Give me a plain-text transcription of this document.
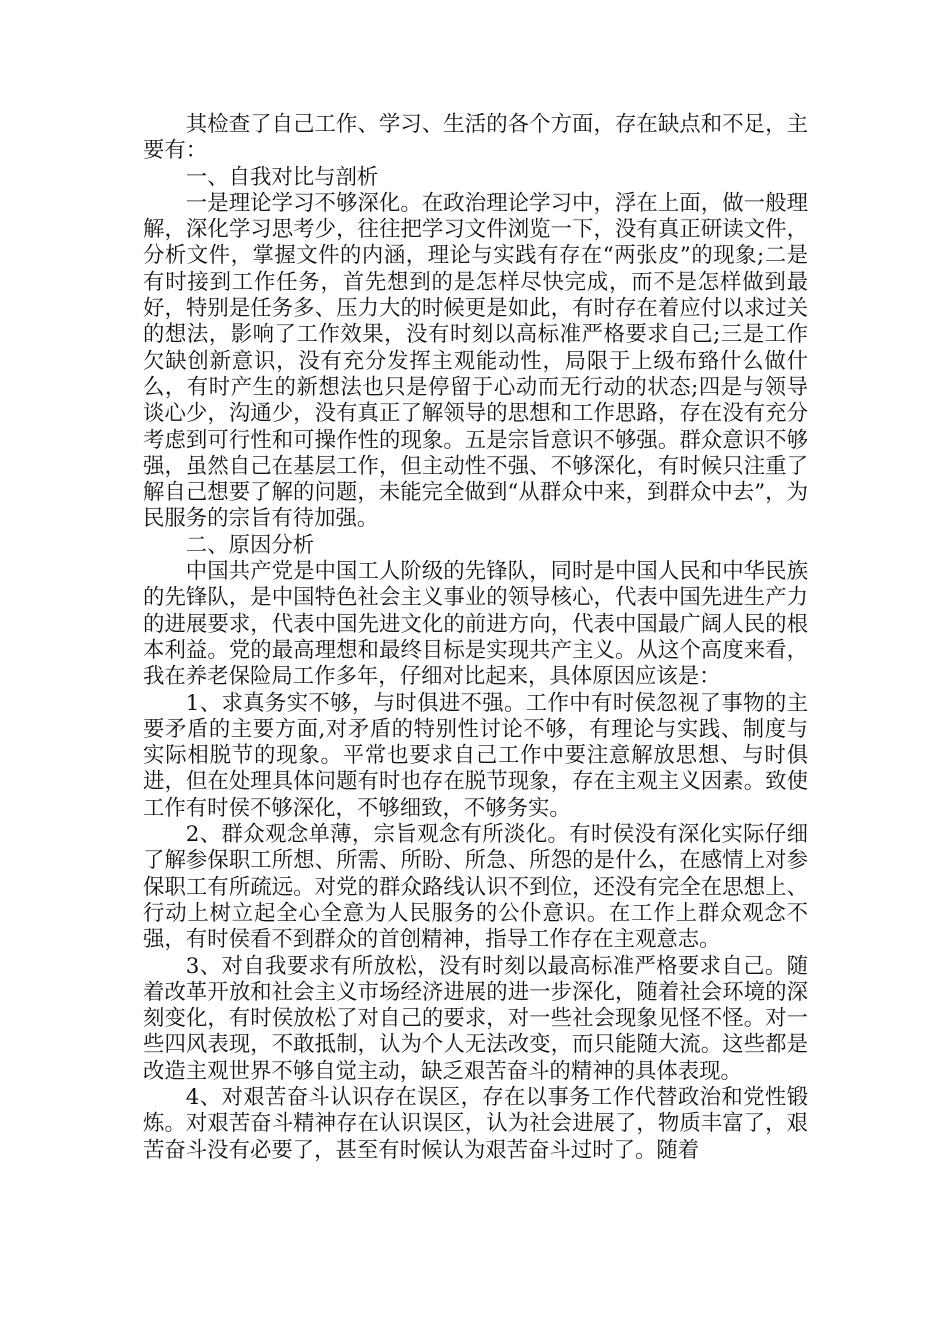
其检查了自己工作、学习、生活的各个方面，存在缺点和不足，主要有：

一、自我对比与剖析

一是理论学习不够深化。在政治理论学习中，浮在上面，做一般理解，深化学习思考少，往往把学习文件浏览一下，没有真正研读文件，分析文件，掌握文件的内涵，理论与实践有存在“两张皮”的现象;二是有时接到工作任务，首先想到的是怎样尽快完成，而不是怎样做到最好，特别是任务多、压力大的时候更是如此，有时存在着应付以求过关的想法，影响了工作效果，没有时刻以高标准严格要求自己;三是工作欠缺创新意识，没有充分发挥主观能动性，局限于上级布臵什么做什么，有时产生的新想法也只是停留于心动而无行动的状态;四是与领导谈心少，沟通少，没有真正了解领导的思想和工作思路，存在没有充分考虑到可行性和可操作性的现象。五是宗旨意识不够强。群众意识不够强，虽然自己在基层工作，但主动性不强、不够深化，有时候只注重了解自己想要了解的问题，未能完全做到“从群众中来，到群众中去”，为民服务的宗旨有待加强。

二、原因分析

中国共产党是中国工人阶级的先锋队，同时是中国人民和中华民族的先锋队，是中国特色社会主义事业的领导核心，代表中国先进生产力的进展要求，代表中国先进文化的前进方向，代表中国最广阔人民的根本利益。党的最高理想和最终目标是实现共产主义。从这个高度来看，我在养老保险局工作多年，仔细对比起来，具体原因应该是：

1、求真务实不够，与时俱进不强。工作中有时侯忽视了事物的主要矛盾的主要方面,对矛盾的特别性讨论不够，有理论与实践、制度与实际相脱节的现象。平常也要求自己工作中要注意解放思想、与时俱进，但在处理具体问题有时也存在脱节现象，存在主观主义因素。致使工作有时侯不够深化，不够细致，不够务实。

2、群众观念单薄，宗旨观念有所淡化。有时侯没有深化实际仔细了解参保职工所想、所需、所盼、所急、所怨的是什么，在感情上对参保职工有所疏远。对党的群众路线认识不到位，还没有完全在思想上、行动上树立起全心全意为人民服务的公仆意识。在工作上群众观念不强，有时侯看不到群众的首创精神，指导工作存在主观意志。

3、对自我要求有所放松，没有时刻以最高标准严格要求自己。随着改革开放和社会主义市场经济进展的进一步深化，随着社会环境的深刻变化，有时侯放松了对自己的要求，对一些社会现象见怪不怪。对一些四风表现，不敢抵制，认为个人无法改变，而只能随大流。这些都是改造主观世界不够自觉主动，缺乏艰苦奋斗的精神的具体表现。

4、对艰苦奋斗认识存在误区，存在以事务工作代替政治和党性锻炼。对艰苦奋斗精神存在认识误区，认为社会进展了，物质丰富了，艰苦奋斗没有必要了，甚至有时候认为艰苦奋斗过时了。随着
